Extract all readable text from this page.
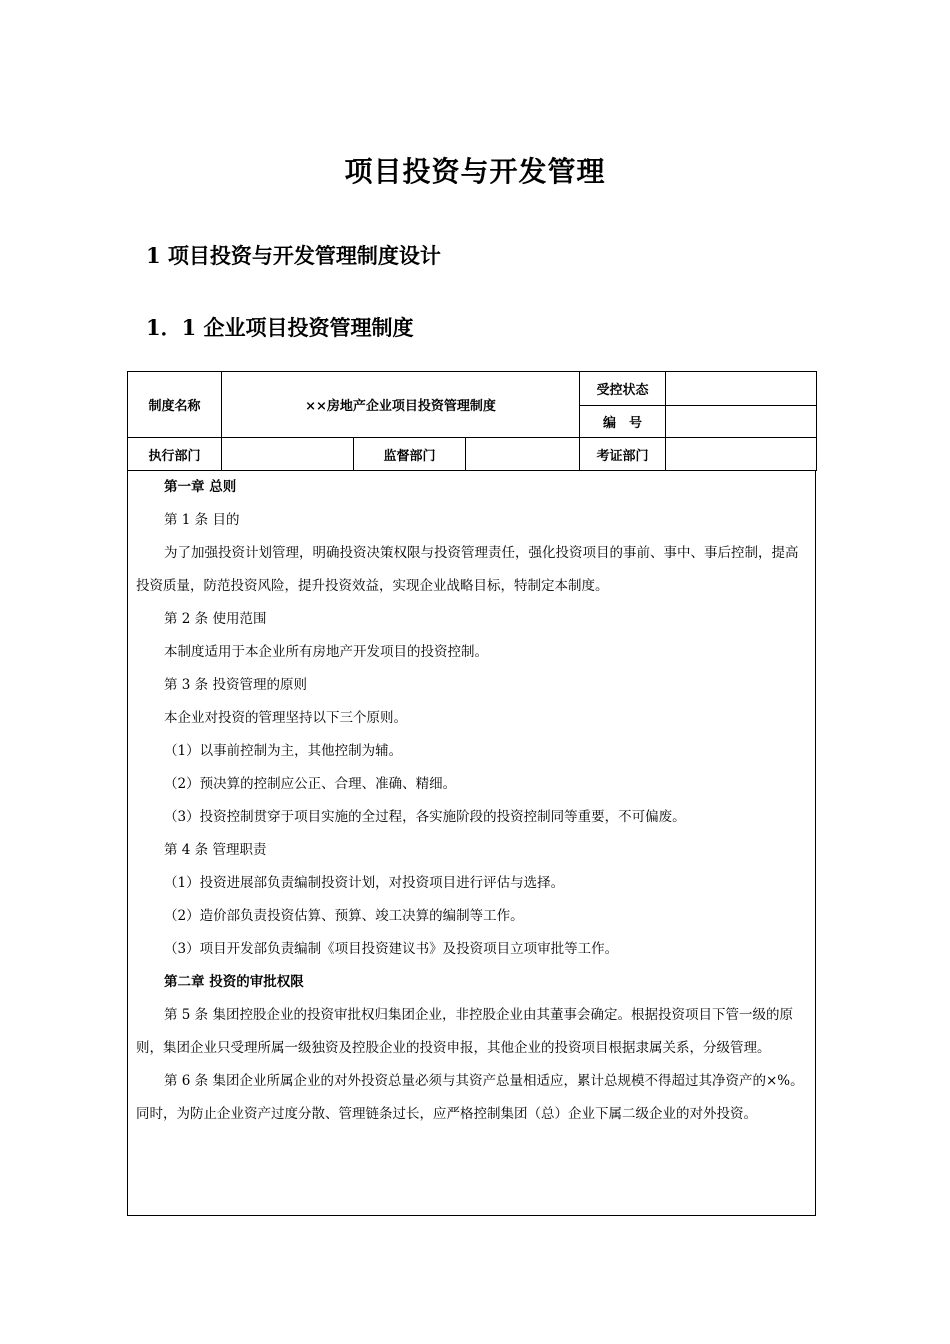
项目投资与开发管理
1 项目投资与开发管理制度设计
1．1 企业项目投资管理制度
制度名称	××房地产企业项目投资管理制度			受控状态	
				编　号	
执行部门		监督部门		考证部门	

第一章 总则

第 1 条 目的

为了加强投资计划管理，明确投资决策权限与投资管理责任，强化投资项目的事前、事中、事后控制，提高投资质量，防范投资风险，提升投资效益，实现企业战略目标，特制定本制度。

第 2 条 使用范围

本制度适用于本企业所有房地产开发项目的投资控制。

第 3 条 投资管理的原则

本企业对投资的管理坚持以下三个原则。

（1）以事前控制为主，其他控制为辅。

（2）预决算的控制应公正、合理、准确、精细。

（3）投资控制贯穿于项目实施的全过程，各实施阶段的投资控制同等重要，不可偏废。

第 4 条 管理职责

（1）投资进展部负责编制投资计划，对投资项目进行评估与选择。

（2）造价部负责投资估算、预算、竣工决算的编制等工作。

（3）项目开发部负责编制《项目投资建议书》及投资项目立项审批等工作。

第二章 投资的审批权限

第 5 条 集团控股企业的投资审批权归集团企业，非控股企业由其董事会确定。根据投资项目下管一级的原则，集团企业只受理所属一级独资及控股企业的投资申报，其他企业的投资项目根据隶属关系，分级管理。

第 6 条 集团企业所属企业的对外投资总量必须与其资产总量相适应，累计总规模不得超过其净资产的×%。同时，为防止企业资产过度分散、管理链条过长，应严格控制集团（总）企业下属二级企业的对外投资。
